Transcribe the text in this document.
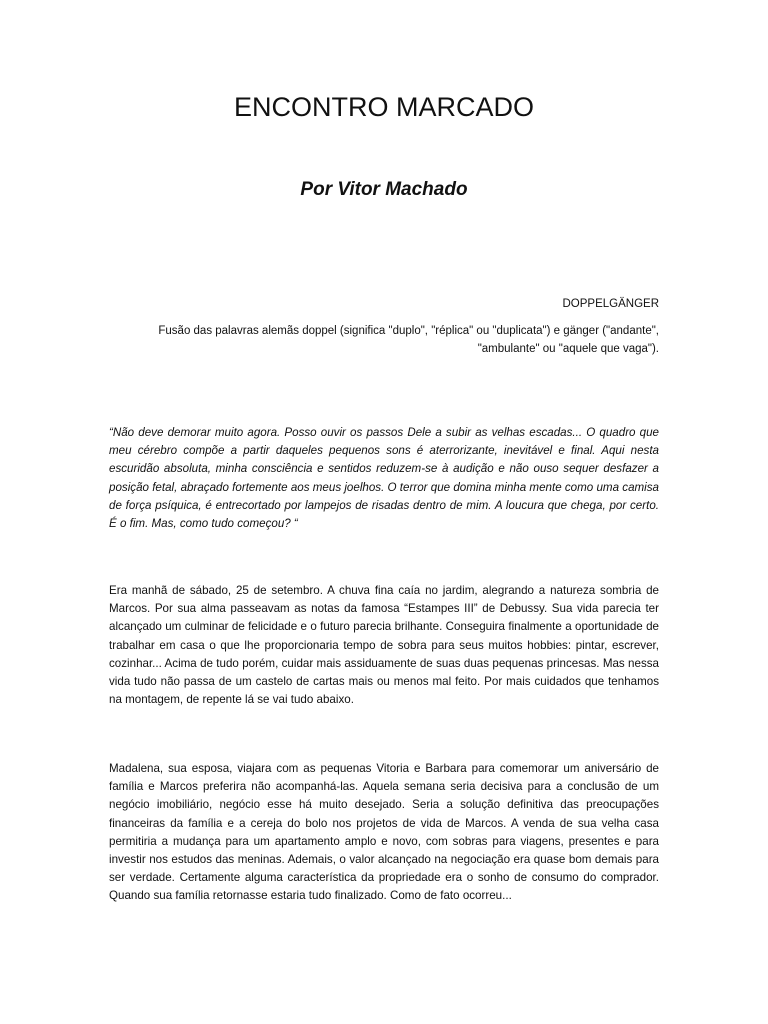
ENCONTRO MARCADO
Por Vitor Machado

DOPPELGÄNGER

Fusão das palavras alemãs doppel (significa "duplo", "réplica" ou "duplicata") e gänger ("andante", "ambulante" ou "aquele que vaga").

“Não deve demorar muito agora. Posso ouvir os passos Dele a subir as velhas escadas... O quadro que meu cérebro compõe a partir daqueles pequenos sons é aterrorizante, inevitável e final. Aqui nesta escuridão absoluta, minha consciência e sentidos reduzem-se à audição e não ouso sequer desfazer a posição fetal, abraçado fortemente aos meus joelhos. O terror que domina minha mente como uma camisa de força psíquica, é entrecortado por lampejos de risadas dentro de mim. A loucura que chega, por certo. É o fim. Mas, como tudo começou? “

Era manhã de sábado, 25 de setembro. A chuva fina caía no jardim, alegrando a natureza sombria de Marcos. Por sua alma passeavam as notas da famosa “Estampes III” de Debussy. Sua vida parecia ter alcançado um culminar de felicidade e o futuro parecia brilhante. Conseguira finalmente a oportunidade de trabalhar em casa o que lhe proporcionaria tempo de sobra para seus muitos hobbies: pintar, escrever, cozinhar... Acima de tudo porém, cuidar mais assiduamente de suas duas pequenas princesas. Mas nessa vida tudo não passa de um castelo de cartas mais ou menos mal feito. Por mais cuidados que tenhamos na montagem, de repente lá se vai tudo abaixo.

Madalena, sua esposa, viajara com as pequenas Vitoria e Barbara para comemorar um aniversário de família e Marcos preferira não acompanhá-las. Aquela semana seria decisiva para a conclusão de um negócio imobiliário, negócio esse há muito desejado. Seria a solução definitiva das preocupações financeiras da família e a cereja do bolo nos projetos de vida de Marcos. A venda de sua velha casa permitiria a mudança para um apartamento amplo e novo, com sobras para viagens, presentes e para investir nos estudos das meninas. Ademais, o valor alcançado na negociação era quase bom demais para ser verdade. Certamente alguma característica da propriedade era o sonho de consumo do comprador. Quando sua família retornasse estaria tudo finalizado. Como de fato ocorreu...
